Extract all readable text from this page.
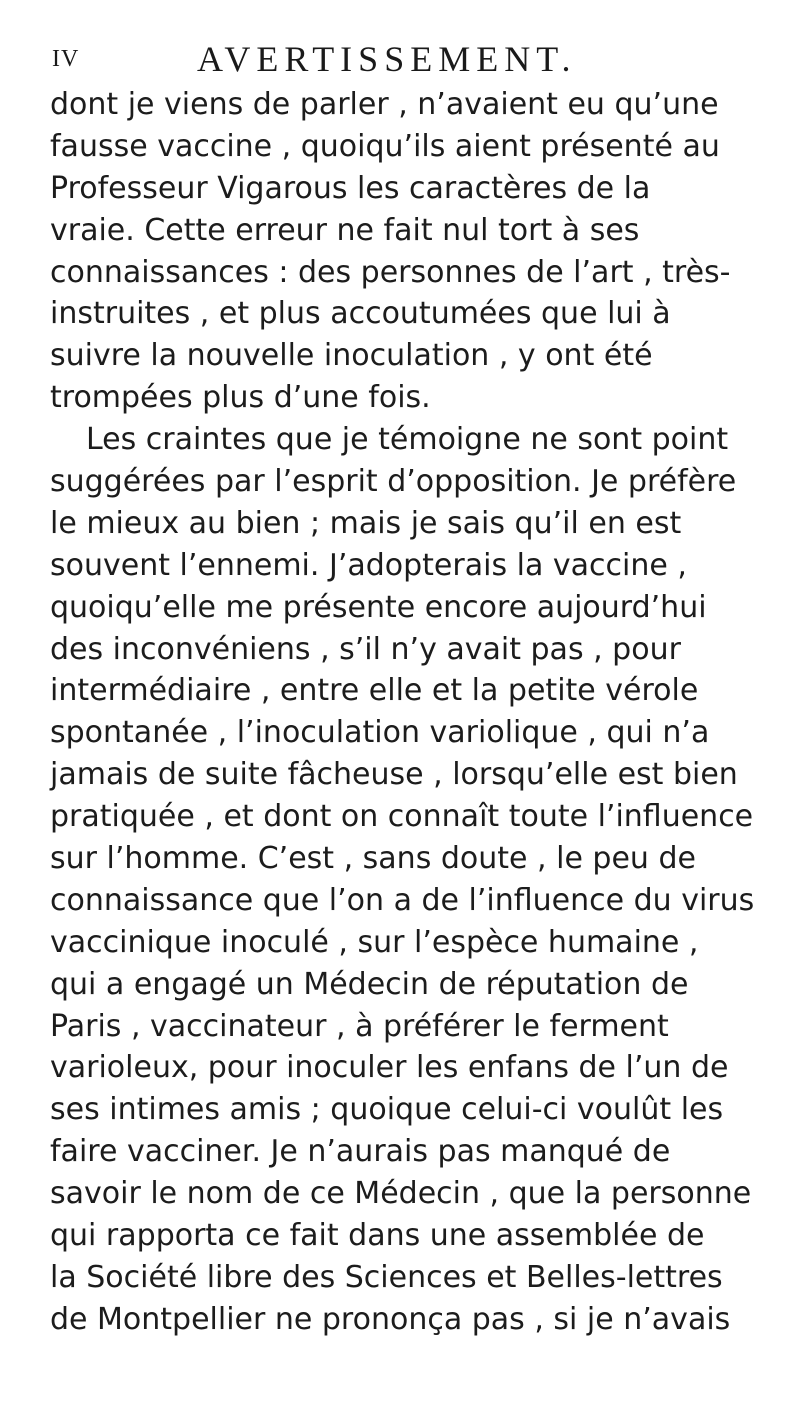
IV	AVERTISSEMENT.
dont je viens de parler , n’avaient eu qu’une
fausse vaccine , quoiqu’ils aient présenté au
Professeur Vigarous les caractères de la
vraie. Cette erreur ne fait nul tort à ses
connaissances : des personnes de l’art , très-
instruites , et plus accoutumées que lui à
suivre la nouvelle inoculation , y ont été
trompées plus d’une fois.
Les craintes que je témoigne ne sont point
suggérées par l’esprit d’opposition. Je préfère
le mieux au bien ; mais je sais qu’il en est
souvent l’ennemi. J’adopterais la vaccine ,
quoiqu’elle me présente encore aujourd’hui
des inconvéniens , s’il n’y avait pas , pour
intermédiaire , entre elle et la petite vérole
spontanée , l’inoculation variolique , qui n’a
jamais de suite fâcheuse , lorsqu’elle est bien
pratiquée , et dont on connaît toute l’influence
sur l’homme. C’est , sans doute , le peu de
connaissance que l’on a de l’influence du virus
vaccinique inoculé , sur l’espèce humaine ,
qui a engagé un Médecin de réputation de
Paris , vaccinateur , à préférer le ferment
varioleux, pour inoculer les enfans de l’un de
ses intimes amis ; quoique celui-ci voulût les
faire vacciner. Je n’aurais pas manqué de
savoir le nom de ce Médecin , que la personne
qui rapporta ce fait dans une assemblée de
la Société libre des Sciences et Belles-lettres
de Montpellier ne prononça pas , si je n’avais
